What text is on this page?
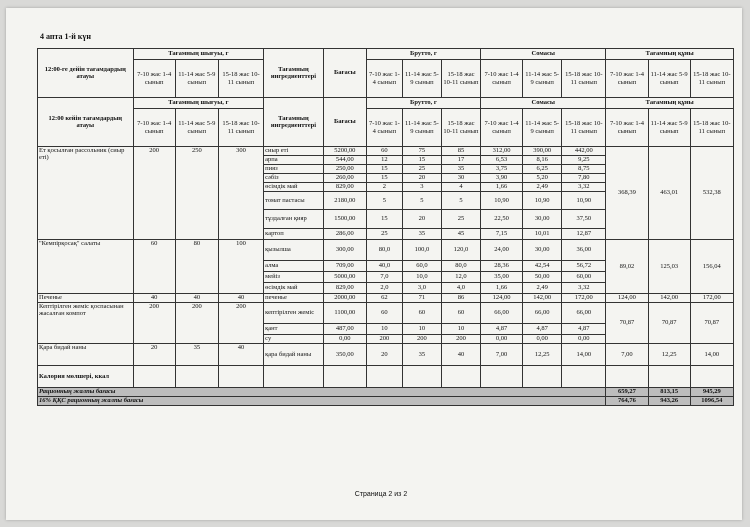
4 апта 1-й күн
12:00-ге дейін тағамдардың атауы	Тағамның шығуы, г			Тағамның ингредиенттері	Бағасы	Брутто, г			Сомасы			Тағамның құны		
	7-10 жас 1-4 сынып	11-14 жас 5-9 сынып	15-18 жас 10-11 сынып			7-10 жас 1-4 сынып	11-14 жас 5-9 сынып	15-18 жас 10-11 сынып	7-10 жас 1-4 сынып	11-14 жас 5-9 сынып	15-18 жас 10-11 сынып	7-10 жас 1-4 сынып	11-14 жас 5-9 сынып	15-18 жас 10-11 сынып
12:00 кейін тағамдардың атауы	Тағамның шығуы, г			Тағамның ингредиенттері	Бағасы	Брутто, г			Сомасы			Тағамның құны		
	7-10 жас 1-4 сынып	11-14 жас 5-9 сынып	15-18 жас 10-11 сынып			7-10 жас 1-4 сынып	11-14 жас 5-9 сынып	15-18 жас 10-11 сынып	7-10 жас 1-4 сынып	11-14 жас 5-9 сынып	15-18 жас 10-11 сынып	7-10 жас 1-4 сынып	11-14 жас 5-9 сынып	15-18 жас 10-11 сынып
Ет қосылған рассольник (сиыр еті)	200	250	300	сиыр еті	5200,00	60	75	85	312,00	390,00	442,00	368,39	463,01	532,38
				арпа	544,00	12	15	17	6,53	8,16	9,25			
				пияз	250,00	15	25	35	3,75	6,25	8,75			
				сәбіз	260,00	15	20	30	3,90	5,20	7,80			
				өсімдік май	829,00	2	3	4	1,66	2,49	3,32			
				томат пастасы	2180,00	5	5	5	10,90	10,90	10,90			
				тұздалған қияр	1500,00	15	20	25	22,50	30,00	37,50			
				картоп	286,00	25	35	45	7,15	10,01	12,87			
"Кемпірқосақ" салаты	60	80	100	қызылша	300,00	80,0	100,0	120,0	24,00	30,00	36,00	89,02	125,03	156,04
				алма	709,00	40,0	60,0	80,0	28,36	42,54	56,72			
				мейіз	5000,00	7,0	10,0	12,0	35,00	50,00	60,00			
				өсімдік май	829,00	2,0	3,0	4,0	1,66	2,49	3,32			
Печенье	40	40	40	печенье	2000,00	62	71	86	124,00	142,00	172,00	124,00	142,00	172,00
Кептірілген жеміс қоспасынан жасалған компот	200	200	200	кептірілген жеміс	1100,00	60	60	60	66,00	66,00	66,00	70,87	70,87	70,87
				қант	487,00	10	10	10	4,87	4,87	4,87			
				су	0,00	200	200	200	0,00	0,00	0,00			
Қара бидай наны	20	35	40	қара бидай наны	350,00	20	35	40	7,00	12,25	14,00	7,00	12,25	14,00
Калория мөлшері, ккал														
Рационның жалпы бағасы												659,27	813,15	945,29
16% ҚҚС рационның жалпы бағасы												764,76	943,26	1096,54
Страница 2 из 2
